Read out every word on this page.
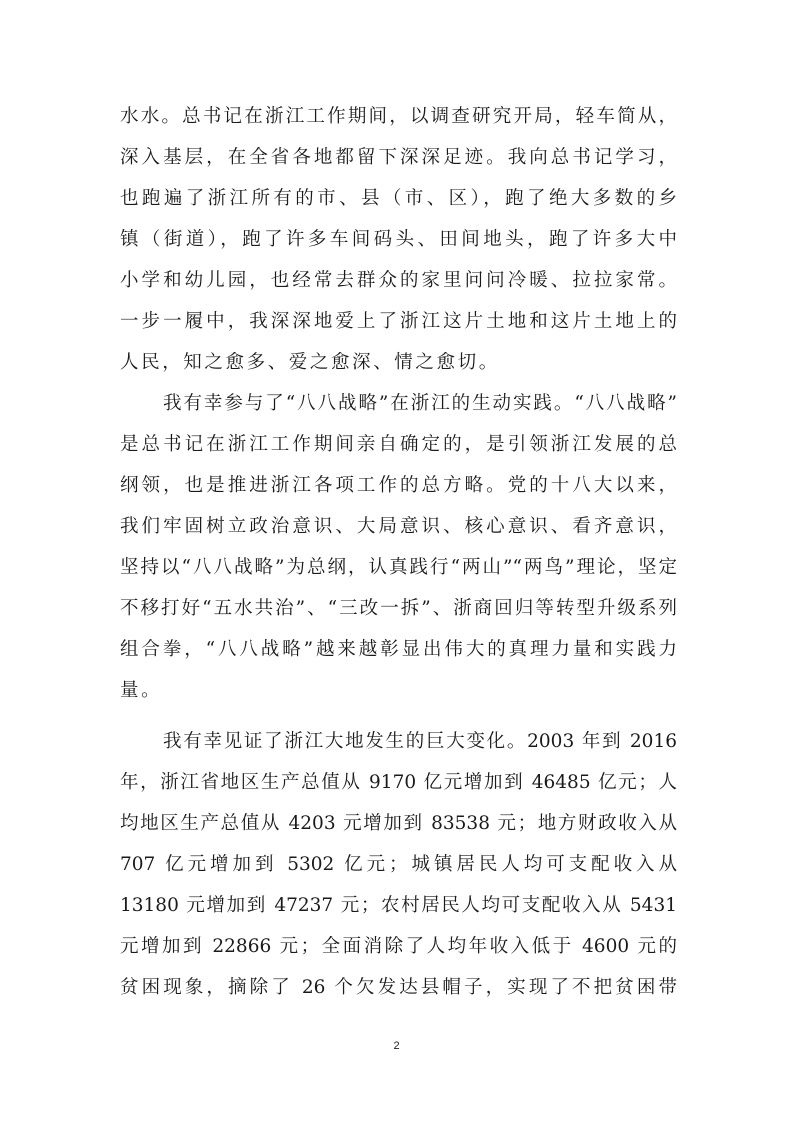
水水。总书记在浙江工作期间，以调查研究开局，轻车简从，
深入基层，在全省各地都留下深深足迹。我向总书记学习，
也跑遍了浙江所有的市、县（市、区），跑了绝大多数的乡
镇（街道），跑了许多车间码头、田间地头，跑了许多大中
小学和幼儿园，也经常去群众的家里问问冷暖、拉拉家常。
一步一履中，我深深地爱上了浙江这片土地和这片土地上的
人民，知之愈多、爱之愈深、情之愈切。

我有幸参与了“八八战略”在浙江的生动实践。“八八战略”
是总书记在浙江工作期间亲自确定的，是引领浙江发展的总
纲领，也是推进浙江各项工作的总方略。党的十八大以来，
我们牢固树立政治意识、大局意识、核心意识、看齐意识，
坚持以“八八战略”为总纲，认真践行“两山”“两鸟”理论，坚定
不移打好“五水共治”、“三改一拆”、浙商回归等转型升级系列
组合拳，“八八战略”越来越彰显出伟大的真理力量和实践力
量。

我有幸见证了浙江大地发生的巨大变化。2003 年到 2016
年，浙江省地区生产总值从 9170 亿元增加到 46485 亿元；人
均地区生产总值从 4203 元增加到 83538 元；地方财政收入从
707 亿元增加到 5302 亿元；城镇居民人均可支配收入从
13180 元增加到 47237 元；农村居民人均可支配收入从 5431
元增加到 22866 元；全面消除了人均年收入低于 4600 元的
贫困现象，摘除了 26 个欠发达县帽子，实现了不把贫困带

2
